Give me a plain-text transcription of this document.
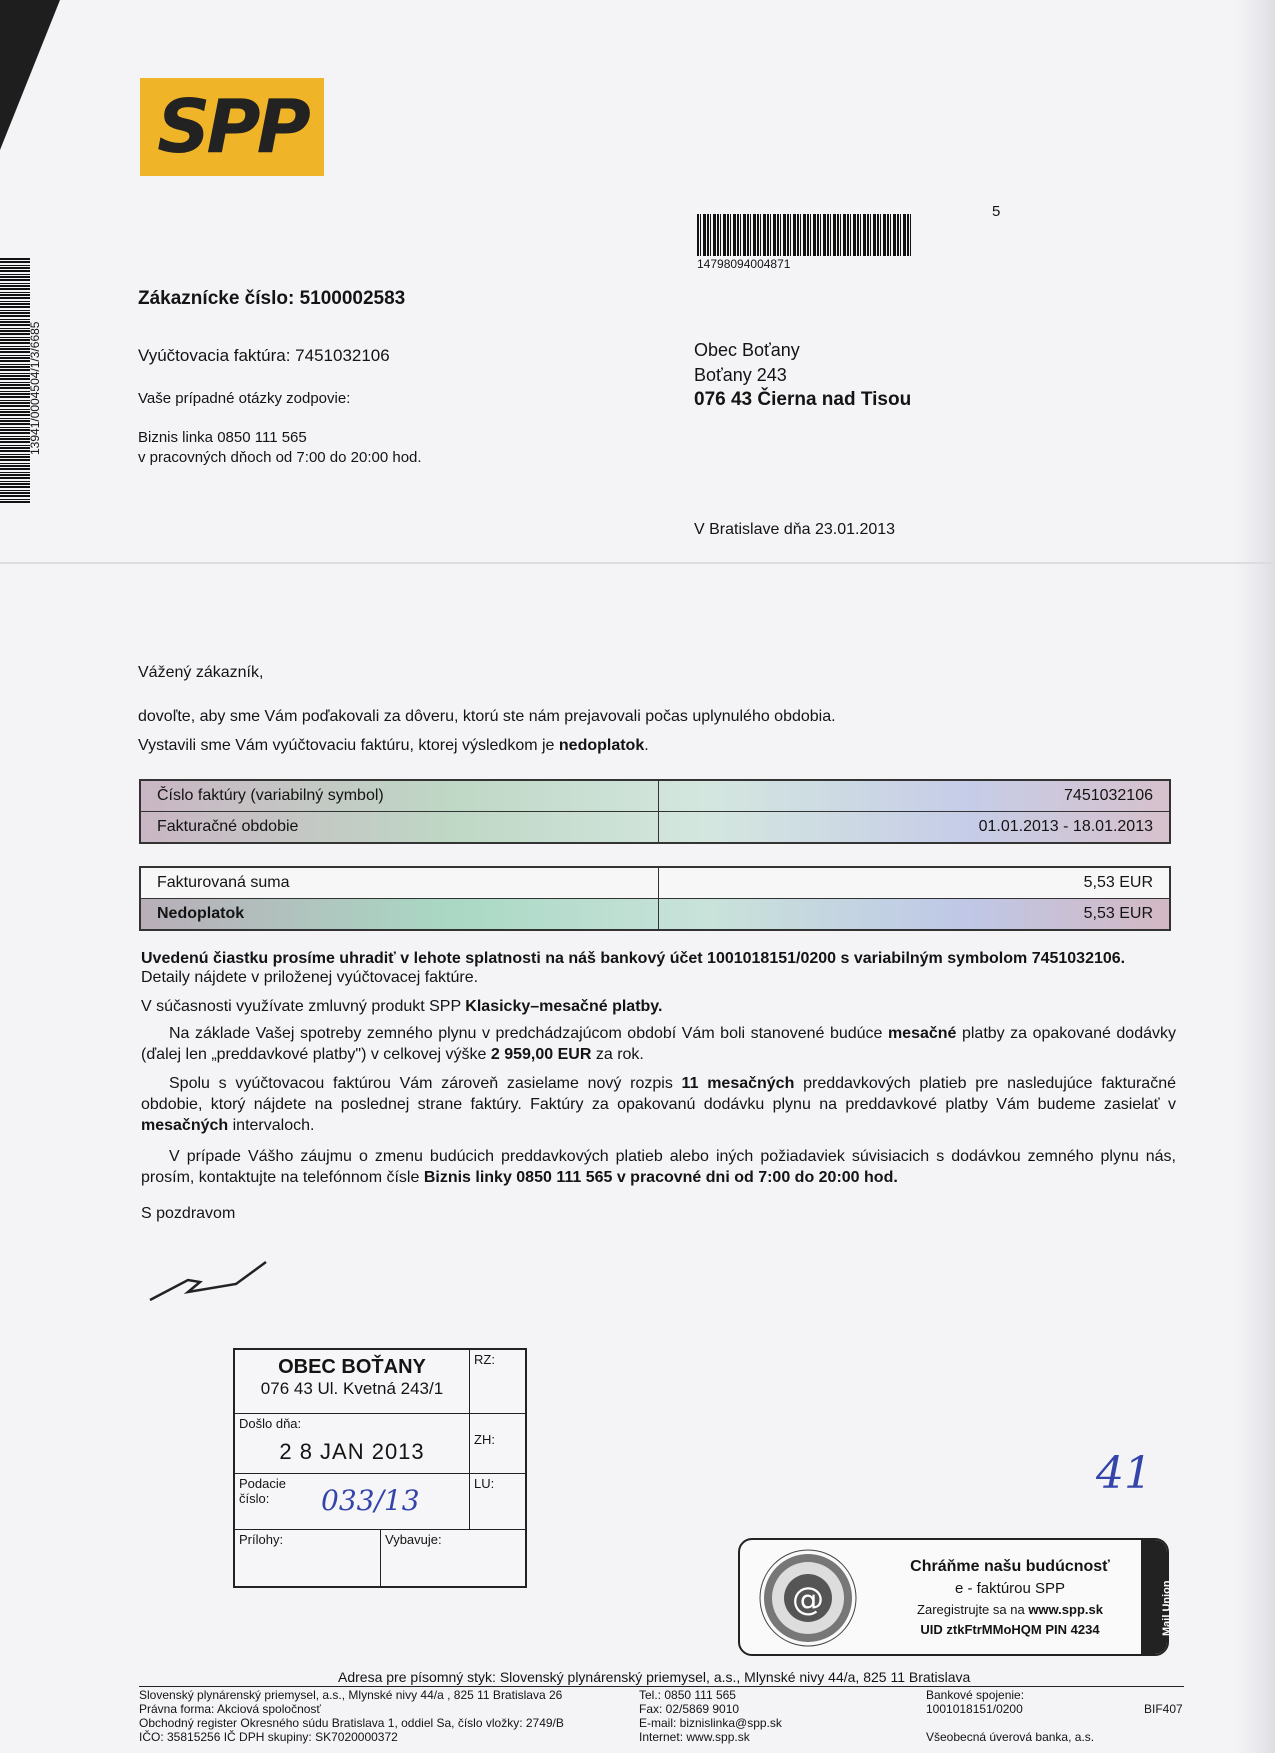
SPP
5
14798094004871
13941/0004504/1/3/6685
Zákaznícke číslo: 5100002583
Vyúčtovacia faktúra: 7451032106
Vaše prípadné otázky zodpovie:
Biznis linka 0850 111 565
v pracovných dňoch od 7:00 do 20:00 hod.
Obec Boťany
Boťany 243
076 43 Čierna nad Tisou
V Bratislave dňa 23.01.2013
Vážený zákazník,
dovoľte, aby sme Vám poďakovali za dôveru, ktorú ste nám prejavovali počas uplynulého obdobia.
Vystavili sme Vám vyúčtovaciu faktúru, ktorej výsledkom je nedoplatok.
Číslo faktúry (variabilný symbol)	7451032106
Fakturačné obdobie	01.01.2013 - 18.01.2013
Fakturovaná suma	5,53 EUR
Nedoplatok	5,53 EUR
Uvedenú čiastku prosíme uhradiť v lehote splatnosti na náš bankový účet 1001018151/0200 s variabilným symbolom 7451032106.
Detaily nájdete v priloženej vyúčtovacej faktúre.
V súčasnosti využívate zmluvný produkt SPP Klasicky–mesačné platby.
Na základe Vašej spotreby zemného plynu v predchádzajúcom období Vám boli stanovené budúce mesačné platby za opakované dodávky (ďalej len „preddavkové platby") v celkovej výške 2 959,00 EUR za rok.
Spolu s vyúčtovacou faktúrou Vám zároveň zasielame nový rozpis 11 mesačných preddavkových platieb pre nasledujúce fakturačné obdobie, ktorý nájdete na poslednej strane faktúry. Faktúry za opakovanú dodávku plynu na preddavkové platby Vám budeme zasielať v mesačných intervaloch.
V prípade Vášho záujmu o zmenu budúcich preddavkových platieb alebo iných požiadaviek súvisiacich s dodávkou zemného plynu nás, prosím, kontaktujte na telefónnom čísle Biznis linky 0850 111 565 v pracovné dni od 7:00 do 20:00 hod.
S pozdravom
OBEC BOŤANY
076 43 Ul. Kvetná 243/1
RZ:
Došlo dňa:
2 8 JAN 2013	ZH:
Podacie
číslo:	033/13
LU:
Prílohy:	Vybavuje:
41
@
Chráňme našu budúcnosť
e - faktúrou SPP
Zaregistrujte sa na www.spp.sk
UID ztkFtrMMoHQM PIN 4234	Mail Union
Adresa pre písomný styk: Slovenský plynárenský priemysel, a.s., Mlynské nivy 44/a, 825 11 Bratislava
Slovenský plynárenský priemysel, a.s., Mlynské nivy 44/a , 825 11 Bratislava 26
Právna forma: Akciová spoločnosť
Obchodný register Okresného súdu Bratislava 1, oddiel Sa, číslo vložky: 2749/B
IČO: 35815256 IČ DPH skupiny: SK7020000372
Tel.: 0850 111 565
Fax: 02/5869 9010
E-mail: biznislinka@spp.sk
Internet: www.spp.sk
Bankové spojenie:
1001018151/0200
Všeobecná úverová banka, a.s.
BIF407
